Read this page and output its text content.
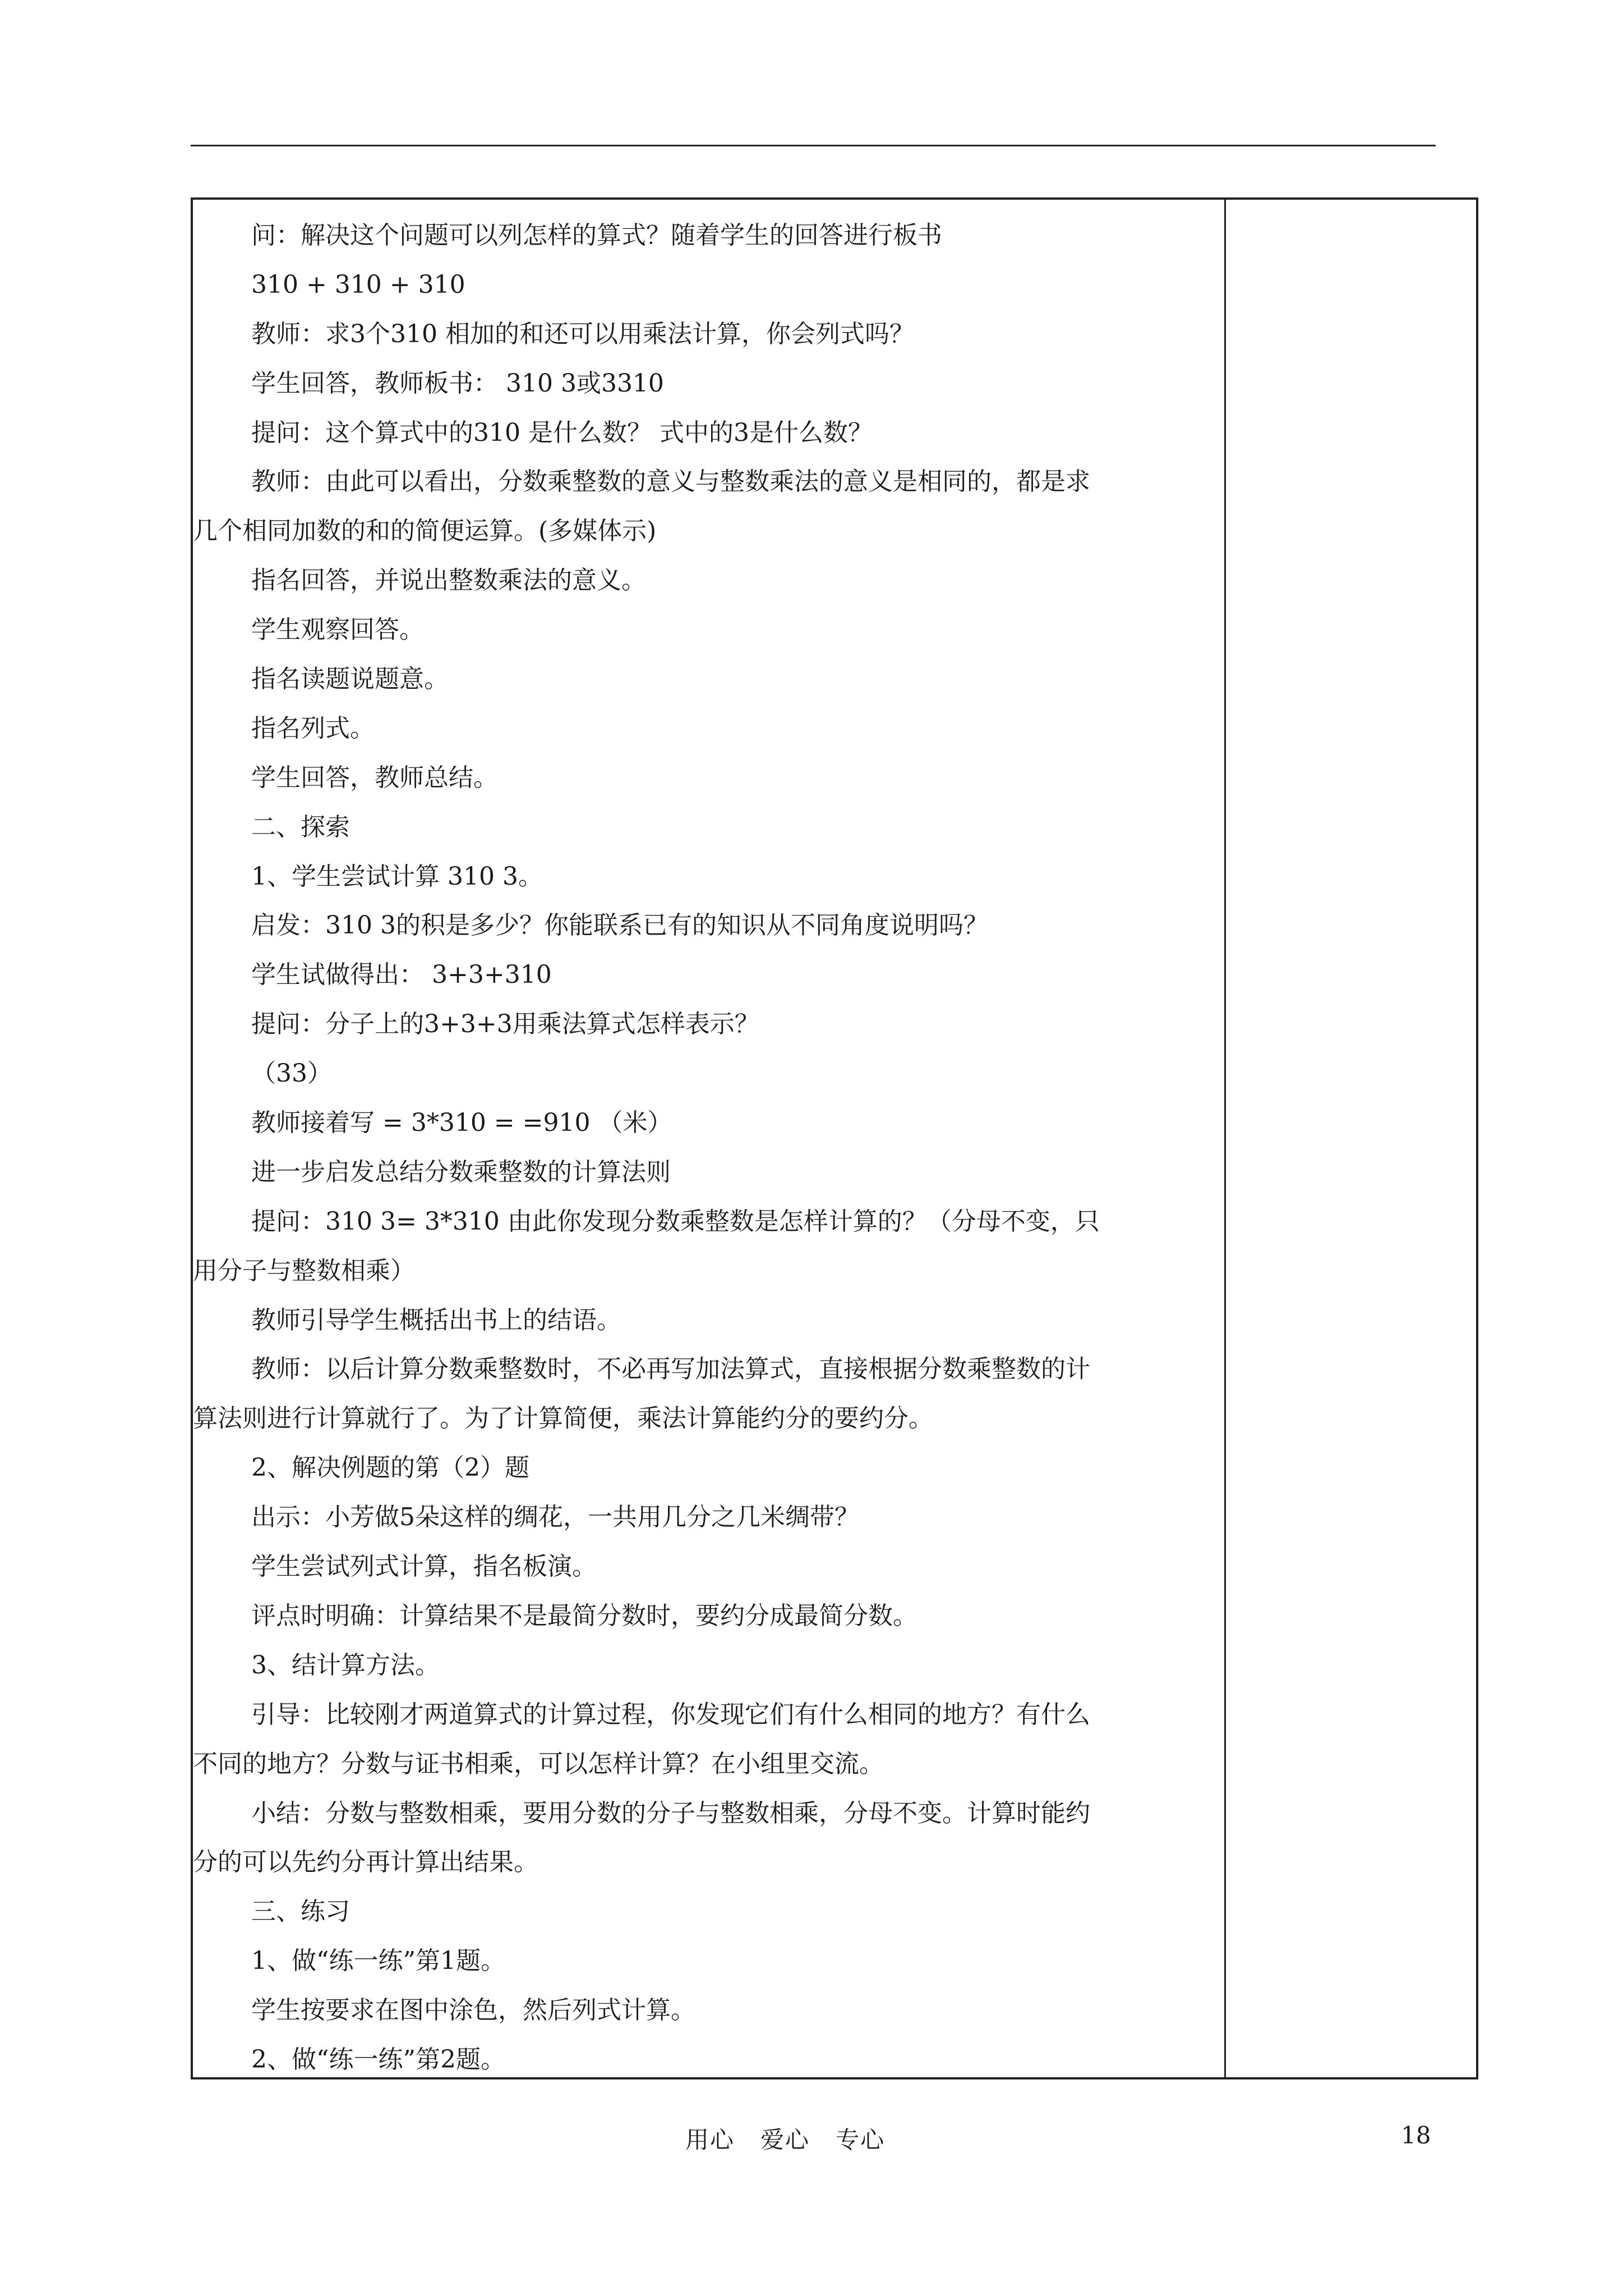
问：解决这个问题可以列怎样的算式？随着学生的回答进行板书
310 + 310 + 310
教师：求3个310 相加的和还可以用乘法计算，你会列式吗？
学生回答，教师板书： 310 3或3310
提问：这个算式中的310 是什么数？ 式中的3是什么数？
教师：由此可以看出，分数乘整数的意义与整数乘法的意义是相同的，都是求
几个相同加数的和的简便运算。(多媒体示)
指名回答，并说出整数乘法的意义。
学生观察回答。
指名读题说题意。
指名列式。
学生回答，教师总结。
二、探索
1、学生尝试计算 310 3。
启发：310 3的积是多少？你能联系已有的知识从不同角度说明吗？
学生试做得出： 3+3+310
提问：分子上的3+3+3用乘法算式怎样表示？
（33）
教师接着写 = 3*310 = =910 （米）
进一步启发总结分数乘整数的计算法则
提问：310 3= 3*310 由此你发现分数乘整数是怎样计算的？（分母不变，只
用分子与整数相乘）
教师引导学生概括出书上的结语。
教师：以后计算分数乘整数时，不必再写加法算式，直接根据分数乘整数的计
算法则进行计算就行了。为了计算简便，乘法计算能约分的要约分。
2、解决例题的第（2）题
出示：小芳做5朵这样的绸花，一共用几分之几米绸带？
学生尝试列式计算，指名板演。
评点时明确：计算结果不是最简分数时，要约分成最简分数。
3、结计算方法。
引导：比较刚才两道算式的计算过程，你发现它们有什么相同的地方？有什么
不同的地方？分数与证书相乘，可以怎样计算？在小组里交流。
小结：分数与整数相乘，要用分数的分子与整数相乘，分母不变。计算时能约
分的可以先约分再计算出结果。
三、练习
1、做“练一练”第1题。
学生按要求在图中涂色，然后列式计算。
2、做“练一练”第2题。
用心   爱心   专心	18
